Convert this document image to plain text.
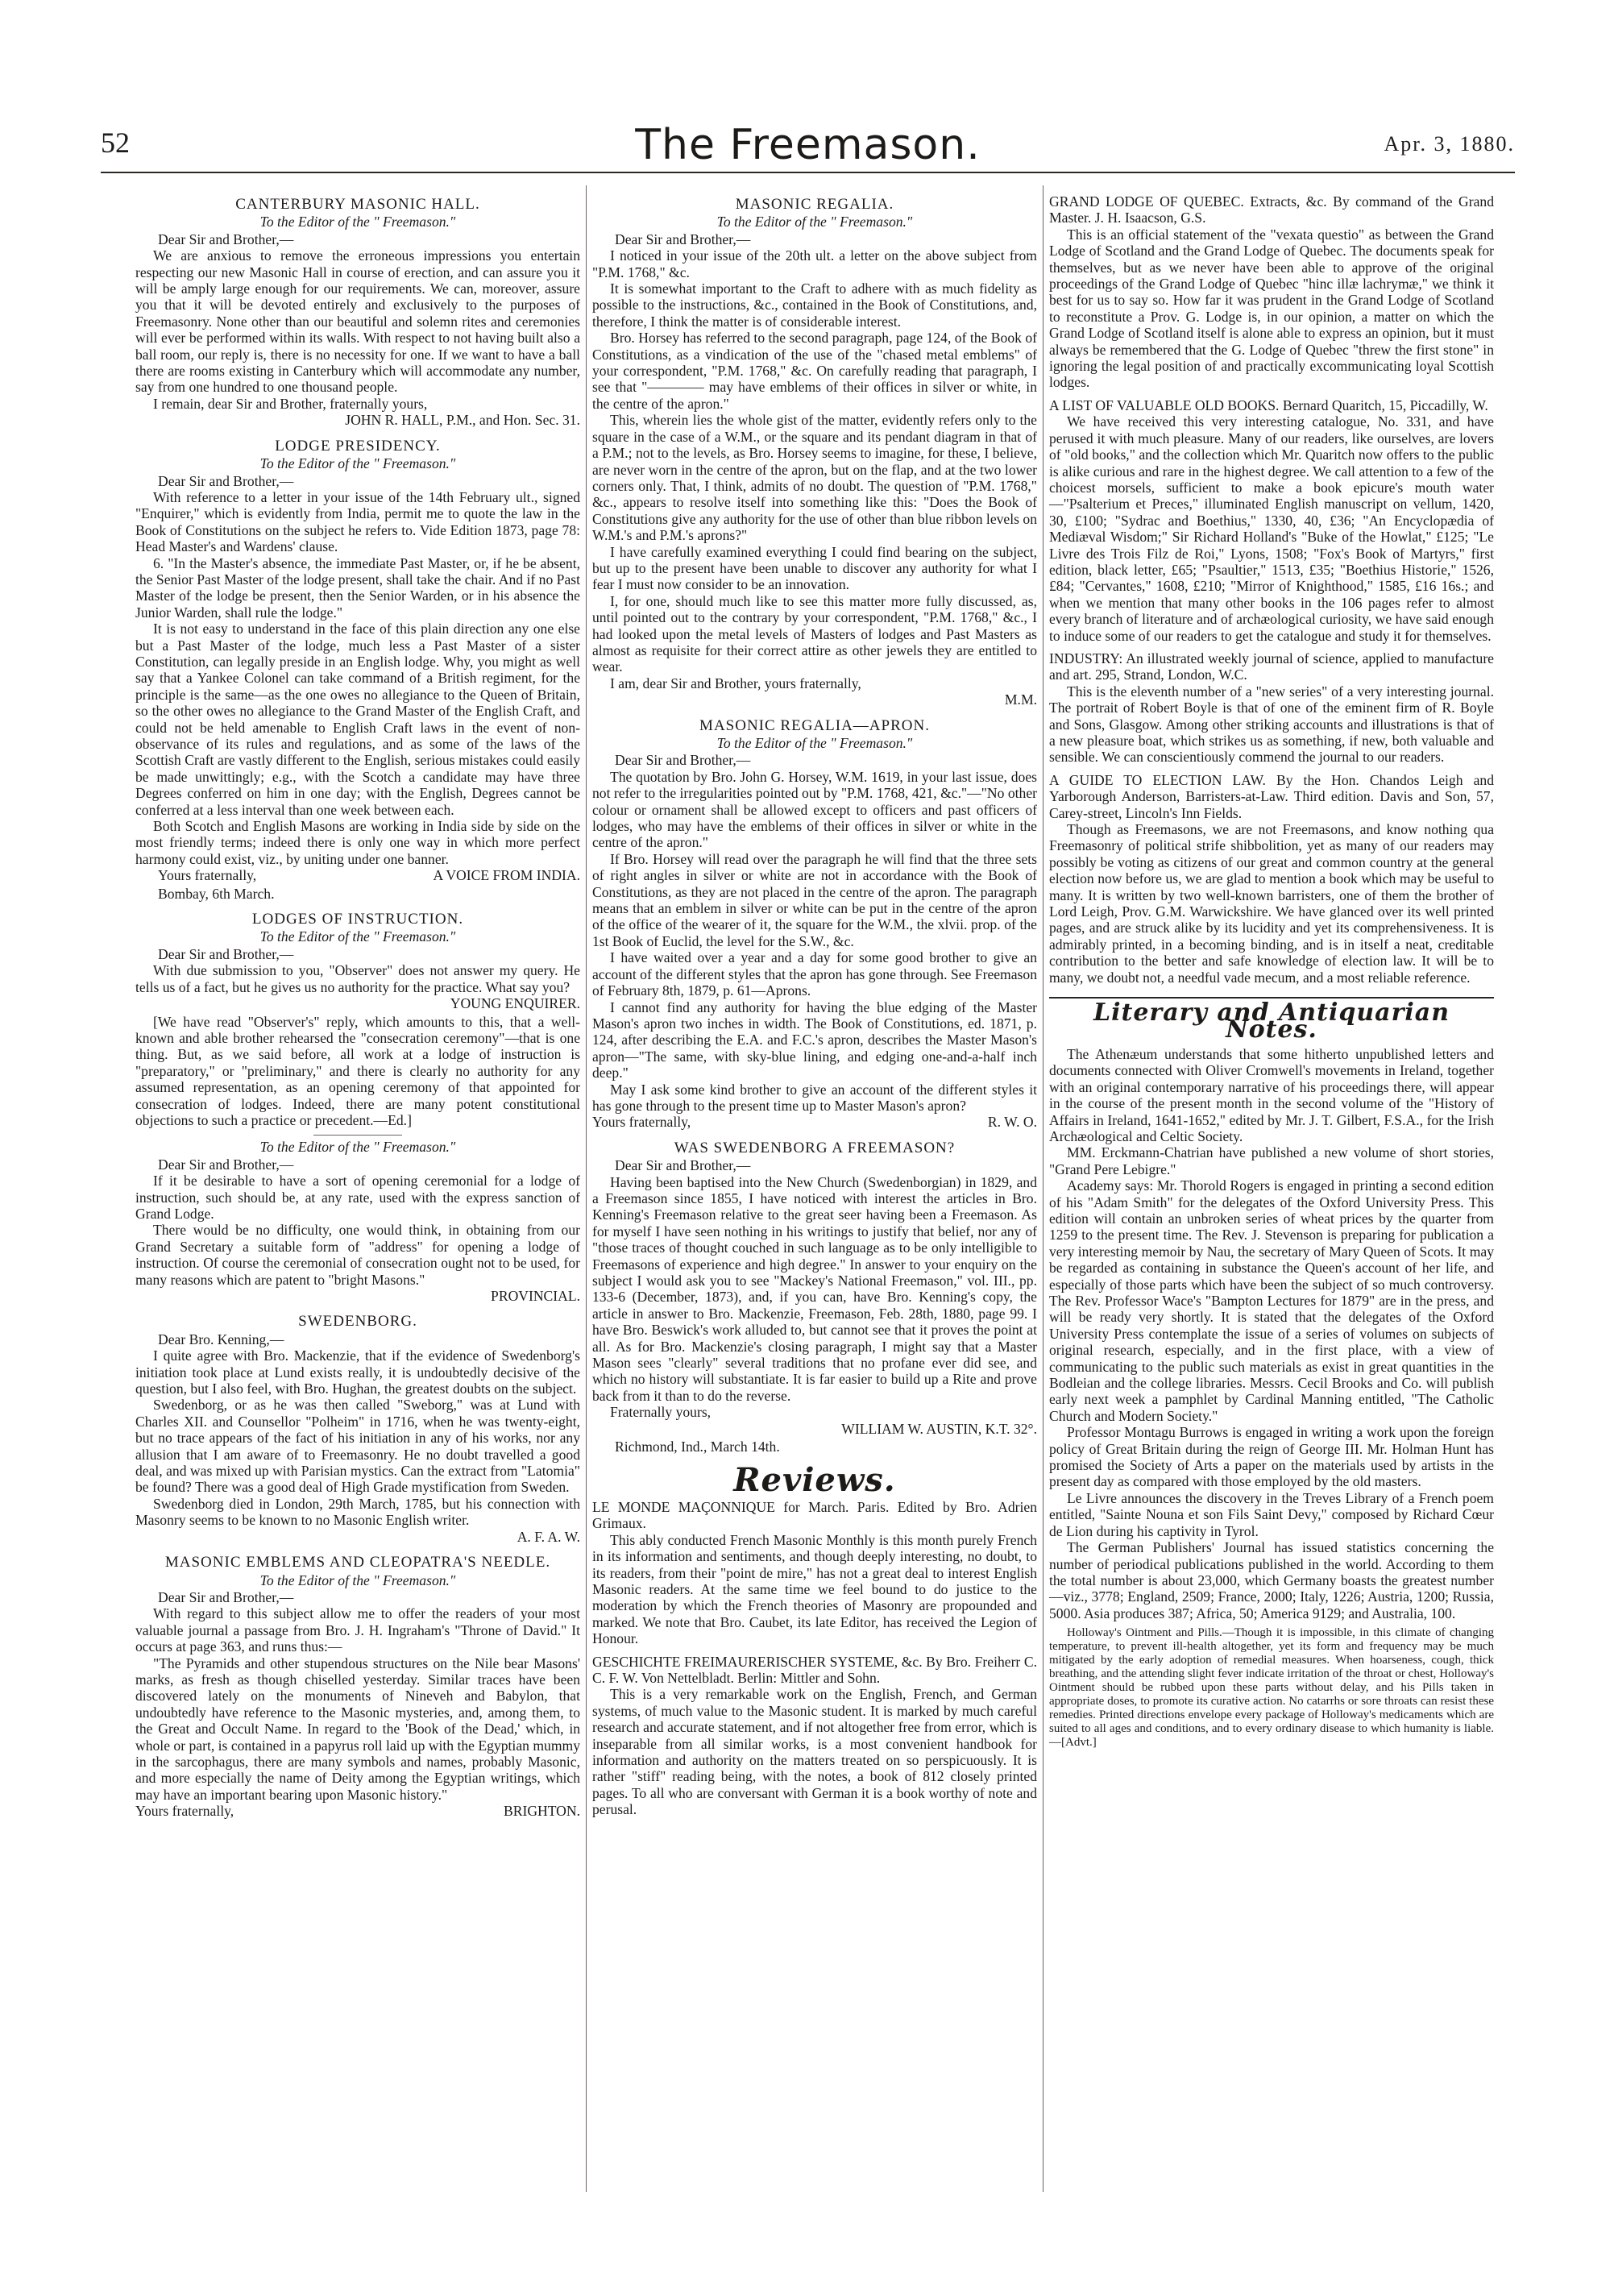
52	The Freemason.	Apr. 3, 1880.
CANTERBURY MASONIC HALL.
To the Editor of the " Freemason."
Dear Sir and Brother,—

We are anxious to remove the erroneous impressions you entertain respecting our new Masonic Hall in course of erection, and can assure you it will be amply large enough for our requirements. We can, moreover, assure you that it will be devoted entirely and exclusively to the purposes of Freemasonry. None other than our beautiful and solemn rites and ceremonies will ever be performed within its walls. With respect to not having built also a ball room, our reply is, there is no necessity for one. If we want to have a ball there are rooms existing in Canterbury which will accommodate any number, say from one hundred to one thousand people.

I remain, dear Sir and Brother, fraternally yours,

JOHN R. HALL, P.M., and Hon. Sec. 31.
LODGE PRESIDENCY.
To the Editor of the " Freemason."
Dear Sir and Brother,—

With reference to a letter in your issue of the 14th February ult., signed "Enquirer," which is evidently from India, permit me to quote the law in the Book of Constitutions on the subject he refers to. Vide Edition 1873, page 78: Head Master's and Wardens' clause.

6. "In the Master's absence, the immediate Past Master, or, if he be absent, the Senior Past Master of the lodge present, shall take the chair. And if no Past Master of the lodge be present, then the Senior Warden, or in his absence the Junior Warden, shall rule the lodge."

It is not easy to understand in the face of this plain direction any one else but a Past Master of the lodge, much less a Past Master of a sister Constitution, can legally preside in an English lodge. Why, you might as well say that a Yankee Colonel can take command of a British regiment, for the principle is the same—as the one owes no allegiance to the Queen of Britain, so the other owes no allegiance to the Grand Master of the English Craft, and could not be held amenable to English Craft laws in the event of non-observance of its rules and regulations, and as some of the laws of the Scottish Craft are vastly different to the English, serious mistakes could easily be made unwittingly; e.g., with the Scotch a candidate may have three Degrees conferred on him in one day; with the English, Degrees cannot be conferred at a less interval than one week between each.

Both Scotch and English Masons are working in India side by side on the most friendly terms; indeed there is only one way in which more perfect harmony could exist, viz., by uniting under one banner.

Yours fraternally,	A VOICE FROM INDIA.
Bombay, 6th March.
LODGES OF INSTRUCTION.
To the Editor of the " Freemason."
Dear Sir and Brother,—

With due submission to you, "Observer" does not answer my query. He tells us of a fact, but he gives us no authority for the practice. What say you?

YOUNG ENQUIRER.

[We have read "Observer's" reply, which amounts to this, that a well-known and able brother rehearsed the "consecration ceremony"—that is one thing. But, as we said before, all work at a lodge of instruction is "preparatory," or "preliminary," and there is clearly no authority for any assumed representation, as an opening ceremony of that appointed for consecration of lodges. Indeed, there are many potent constitutional objections to such a practice or precedent.—Ed.]

To the Editor of the " Freemason."
Dear Sir and Brother,—

If it be desirable to have a sort of opening ceremonial for a lodge of instruction, such should be, at any rate, used with the express sanction of Grand Lodge.

There would be no difficulty, one would think, in obtaining from our Grand Secretary a suitable form of "address" for opening a lodge of instruction. Of course the ceremonial of consecration ought not to be used, for many reasons which are patent to "bright Masons."

PROVINCIAL.
SWEDENBORG.
Dear Bro. Kenning,—

I quite agree with Bro. Mackenzie, that if the evidence of Swedenborg's initiation took place at Lund exists really, it is undoubtedly decisive of the question, but I also feel, with Bro. Hughan, the greatest doubts on the subject.

Swedenborg, or as he was then called "Sweborg," was at Lund with Charles XII. and Counsellor "Polheim" in 1716, when he was twenty-eight, but no trace appears of the fact of his initiation in any of his works, nor any allusion that I am aware of to Freemasonry. He no doubt travelled a good deal, and was mixed up with Parisian mystics. Can the extract from "Latomia" be found? There was a good deal of High Grade mystification from Sweden.

Swedenborg died in London, 29th March, 1785, but his connection with Masonry seems to be known to no Masonic English writer.

A. F. A. W.
MASONIC EMBLEMS AND CLEOPATRA'S NEEDLE.
To the Editor of the " Freemason."
Dear Sir and Brother,—

With regard to this subject allow me to offer the readers of your most valuable journal a passage from Bro. J. H. Ingraham's "Throne of David." It occurs at page 363, and runs thus:—

"The Pyramids and other stupendous structures on the Nile bear Masons' marks, as fresh as though chiselled yesterday. Similar traces have been discovered lately on the monuments of Nineveh and Babylon, that undoubtedly have reference to the Masonic mysteries, and, among them, to the Great and Occult Name. In regard to the 'Book of the Dead,' which, in whole or part, is contained in a papyrus roll laid up with the Egyptian mummy in the sarcophagus, there are many symbols and names, probably Masonic, and more especially the name of Deity among the Egyptian writings, which may have an important bearing upon Masonic history."

Yours fraternally,	BRIGHTON.
MASONIC REGALIA.
To the Editor of the " Freemason."
Dear Sir and Brother,—

I noticed in your issue of the 20th ult. a letter on the above subject from "P.M. 1768," &c.

It is somewhat important to the Craft to adhere with as much fidelity as possible to the instructions, &c., contained in the Book of Constitutions, and, therefore, I think the matter is of considerable interest.

Bro. Horsey has referred to the second paragraph, page 124, of the Book of Constitutions, as a vindication of the use of the "chased metal emblems" of your correspondent, "P.M. 1768," &c. On carefully reading that paragraph, I see that "———— may have emblems of their offices in silver or white, in the centre of the apron."

This, wherein lies the whole gist of the matter, evidently refers only to the square in the case of a W.M., or the square and its pendant diagram in that of a P.M.; not to the levels, as Bro. Horsey seems to imagine, for these, I believe, are never worn in the centre of the apron, but on the flap, and at the two lower corners only. That, I think, admits of no doubt. The question of "P.M. 1768," &c., appears to resolve itself into something like this: "Does the Book of Constitutions give any authority for the use of other than blue ribbon levels on W.M.'s and P.M.'s aprons?"

I have carefully examined everything I could find bearing on the subject, but up to the present have been unable to discover any authority for what I fear I must now consider to be an innovation.

I, for one, should much like to see this matter more fully discussed, as, until pointed out to the contrary by your correspondent, "P.M. 1768," &c., I had looked upon the metal levels of Masters of lodges and Past Masters as almost as requisite for their correct attire as other jewels they are entitled to wear.

I am, dear Sir and Brother, yours fraternally,

M.M.
MASONIC REGALIA—APRON.
To the Editor of the " Freemason."
Dear Sir and Brother,—

The quotation by Bro. John G. Horsey, W.M. 1619, in your last issue, does not refer to the irregularities pointed out by "P.M. 1768, 421, &c."—"No other colour or ornament shall be allowed except to officers and past officers of lodges, who may have the emblems of their offices in silver or white in the centre of the apron."

If Bro. Horsey will read over the paragraph he will find that the three sets of right angles in silver or white are not in accordance with the Book of Constitutions, as they are not placed in the centre of the apron. The paragraph means that an emblem in silver or white can be put in the centre of the apron of the office of the wearer of it, the square for the W.M., the xlvii. prop. of the 1st Book of Euclid, the level for the S.W., &c.

I have waited over a year and a day for some good brother to give an account of the different styles that the apron has gone through. See Freemason of February 8th, 1879, p. 61—Aprons.

I cannot find any authority for having the blue edging of the Master Mason's apron two inches in width. The Book of Constitutions, ed. 1871, p. 124, after describing the E.A. and F.C.'s apron, describes the Master Mason's apron—"The same, with sky-blue lining, and edging one-and-a-half inch deep."

May I ask some kind brother to give an account of the different styles it has gone through to the present time up to Master Mason's apron?

Yours fraternally,	R. W. O.
WAS SWEDENBORG A FREEMASON?
Dear Sir and Brother,—

Having been baptised into the New Church (Swedenborgian) in 1829, and a Freemason since 1855, I have noticed with interest the articles in Bro. Kenning's Freemason relative to the great seer having been a Freemason. As for myself I have seen nothing in his writings to justify that belief, nor any of "those traces of thought couched in such language as to be only intelligible to Freemasons of experience and high degree." In answer to your enquiry on the subject I would ask you to see "Mackey's National Freemason," vol. III., pp. 133-6 (December, 1873), and, if you can, have Bro. Kenning's copy, the article in answer to Bro. Mackenzie, Freemason, Feb. 28th, 1880, page 99. I have Bro. Beswick's work alluded to, but cannot see that it proves the point at all. As for Bro. Mackenzie's closing paragraph, I might say that a Master Mason sees "clearly" several traditions that no profane ever did see, and which no history will substantiate. It is far easier to build up a Rite and prove back from it than to do the reverse.

Fraternally yours,

WILLIAM W. AUSTIN, K.T. 32°.
Richmond, Ind., March 14th.
Reviews.

LE MONDE MAÇONNIQUE for March. Paris. Edited by Bro. Adrien Grimaux.

This ably conducted French Masonic Monthly is this month purely French in its information and sentiments, and though deeply interesting, no doubt, to its readers, from their "point de mire," has not a great deal to interest English Masonic readers. At the same time we feel bound to do justice to the moderation by which the French theories of Masonry are propounded and marked. We note that Bro. Caubet, its late Editor, has received the Legion of Honour.

GESCHICHTE FREIMAURERISCHER SYSTEME, &c. By Bro. Freiherr C. C. F. W. Von Nettelbladt. Berlin: Mittler and Sohn.

This is a very remarkable work on the English, French, and German systems, of much value to the Masonic student. It is marked by much careful research and accurate statement, and if not altogether free from error, which is inseparable from all similar works, is a most convenient handbook for information and authority on the matters treated on so perspicuously. It is rather "stiff" reading being, with the notes, a book of 812 closely printed pages. To all who are conversant with German it is a book worthy of note and perusal.

GRAND LODGE OF QUEBEC. Extracts, &c. By command of the Grand Master. J. H. Isaacson, G.S.

This is an official statement of the "vexata questio" as between the Grand Lodge of Scotland and the Grand Lodge of Quebec. The documents speak for themselves, but as we never have been able to approve of the original proceedings of the Grand Lodge of Quebec "hinc illæ lachrymæ," we think it best for us to say so. How far it was prudent in the Grand Lodge of Scotland to reconstitute a Prov. G. Lodge is, in our opinion, a matter on which the Grand Lodge of Scotland itself is alone able to express an opinion, but it must always be remembered that the G. Lodge of Quebec "threw the first stone" in ignoring the legal position of and practically excommunicating loyal Scottish lodges.

A LIST OF VALUABLE OLD BOOKS. Bernard Quaritch, 15, Piccadilly, W.

We have received this very interesting catalogue, No. 331, and have perused it with much pleasure. Many of our readers, like ourselves, are lovers of "old books," and the collection which Mr. Quaritch now offers to the public is alike curious and rare in the highest degree. We call attention to a few of the choicest morsels, sufficient to make a book epicure's mouth water—"Psalterium et Preces," illuminated English manuscript on vellum, 1420, 30, £100; "Sydrac and Boethius," 1330, 40, £36; "An Encyclopædia of Mediæval Wisdom;" Sir Richard Holland's "Buke of the Howlat," £125; "Le Livre des Trois Filz de Roi," Lyons, 1508; "Fox's Book of Martyrs," first edition, black letter, £65; "Psaultier," 1513, £35; "Boethius Historie," 1526, £84; "Cervantes," 1608, £210; "Mirror of Knighthood," 1585, £16 16s.; and when we mention that many other books in the 106 pages refer to almost every branch of literature and of archæological curiosity, we have said enough to induce some of our readers to get the catalogue and study it for themselves.

INDUSTRY: An illustrated weekly journal of science, applied to manufacture and art. 295, Strand, London, W.C.

This is the eleventh number of a "new series" of a very interesting journal. The portrait of Robert Boyle is that of one of the eminent firm of R. Boyle and Sons, Glasgow. Among other striking accounts and illustrations is that of a new pleasure boat, which strikes us as something, if new, both valuable and sensible. We can conscientiously commend the journal to our readers.

A GUIDE TO ELECTION LAW. By the Hon. Chandos Leigh and Yarborough Anderson, Barristers-at-Law. Third edition. Davis and Son, 57, Carey-street, Lincoln's Inn Fields.

Though as Freemasons, we are not Freemasons, and know nothing qua Freemasonry of political strife shibbolition, yet as many of our readers may possibly be voting as citizens of our great and common country at the general election now before us, we are glad to mention a book which may be useful to many. It is written by two well-known barristers, one of them the brother of Lord Leigh, Prov. G.M. Warwickshire. We have glanced over its well printed pages, and are struck alike by its lucidity and yet its comprehensiveness. It is admirably printed, in a becoming binding, and is in itself a neat, creditable contribution to the better and safe knowledge of election law. It will be to many, we doubt not, a needful vade mecum, and a most reliable reference.

Literary and Antiquarian Notes.

The Athenæum understands that some hitherto unpublished letters and documents connected with Oliver Cromwell's movements in Ireland, together with an original contemporary narrative of his proceedings there, will appear in the course of the present month in the second volume of the "History of Affairs in Ireland, 1641-1652," edited by Mr. J. T. Gilbert, F.S.A., for the Irish Archæological and Celtic Society.

MM. Erckmann-Chatrian have published a new volume of short stories, "Grand Pere Lebigre."

Academy says: Mr. Thorold Rogers is engaged in printing a second edition of his "Adam Smith" for the delegates of the Oxford University Press. This edition will contain an unbroken series of wheat prices by the quarter from 1259 to the present time. The Rev. J. Stevenson is preparing for publication a very interesting memoir by Nau, the secretary of Mary Queen of Scots. It may be regarded as containing in substance the Queen's account of her life, and especially of those parts which have been the subject of so much controversy. The Rev. Professor Wace's "Bampton Lectures for 1879" are in the press, and will be ready very shortly. It is stated that the delegates of the Oxford University Press contemplate the issue of a series of volumes on subjects of original research, especially, and in the first place, with a view of communicating to the public such materials as exist in great quantities in the Bodleian and the college libraries. Messrs. Cecil Brooks and Co. will publish early next week a pamphlet by Cardinal Manning entitled, "The Catholic Church and Modern Society."

Professor Montagu Burrows is engaged in writing a work upon the foreign policy of Great Britain during the reign of George III. Mr. Holman Hunt has promised the Society of Arts a paper on the materials used by artists in the present day as compared with those employed by the old masters.

Le Livre announces the discovery in the Treves Library of a French poem entitled, "Sainte Nouna et son Fils Saint Devy," composed by Richard Cœur de Lion during his captivity in Tyrol.

The German Publishers' Journal has issued statistics concerning the number of periodical publications published in the world. According to them the total number is about 23,000, which Germany boasts the greatest number—viz., 3778; England, 2509; France, 2000; Italy, 1226; Austria, 1200; Russia, 5000. Asia produces 387; Africa, 50; America 9129; and Australia, 100.

Holloway's Ointment and Pills.—Though it is impossible, in this climate of changing temperature, to prevent ill-health altogether, yet its form and frequency may be much mitigated by the early adoption of remedial measures. When hoarseness, cough, thick breathing, and the attending slight fever indicate irritation of the throat or chest, Holloway's Ointment should be rubbed upon these parts without delay, and his Pills taken in appropriate doses, to promote its curative action. No catarrhs or sore throats can resist these remedies. Printed directions envelope every package of Holloway's medicaments which are suited to all ages and conditions, and to every ordinary disease to which humanity is liable.—[Advt.]
